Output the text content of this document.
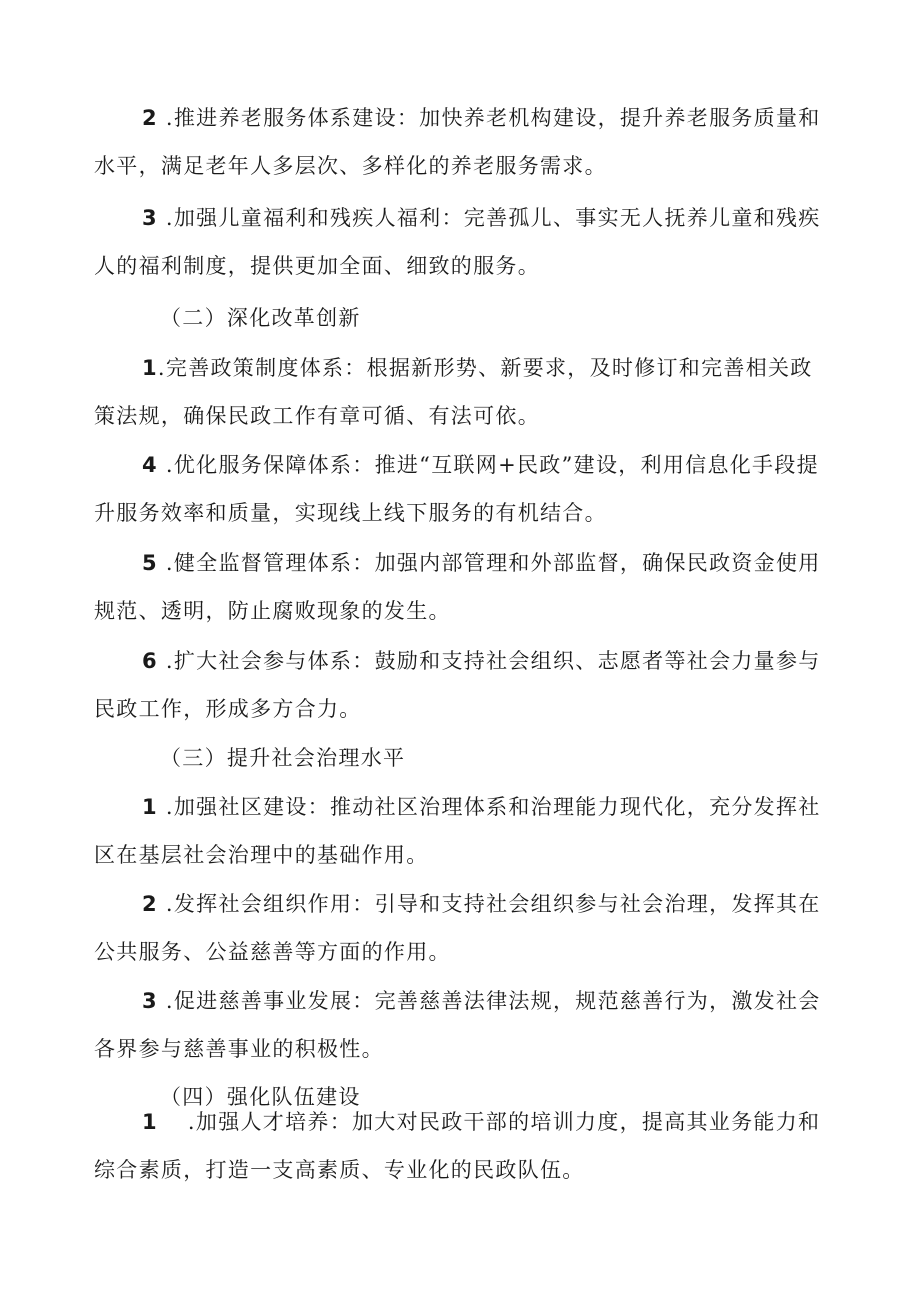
2 .推进养老服务体系建设：加快养老机构建设，提升养老服务质量和水平，满足老年人多层次、多样化的养老服务需求。

3 .加强儿童福利和残疾人福利：完善孤儿、事实无人抚养儿童和残疾人的福利制度，提供更加全面、细致的服务。

（二）深化改革创新

1.完善政策制度体系：根据新形势、新要求，及时修订和完善相关政策法规，确保民政工作有章可循、有法可依。

4 .优化服务保障体系：推进“互联网+民政”建设，利用信息化手段提升服务效率和质量，实现线上线下服务的有机结合。

5 .健全监督管理体系：加强内部管理和外部监督，确保民政资金使用规范、透明，防止腐败现象的发生。

6 .扩大社会参与体系：鼓励和支持社会组织、志愿者等社会力量参与民政工作，形成多方合力。

（三）提升社会治理水平

1 .加强社区建设：推动社区治理体系和治理能力现代化，充分发挥社区在基层社会治理中的基础作用。

2 .发挥社会组织作用：引导和支持社会组织参与社会治理，发挥其在公共服务、公益慈善等方面的作用。

3 .促进慈善事业发展：完善慈善法律法规，规范慈善行为，激发社会各界参与慈善事业的积极性。

（四）强化队伍建设

1 .加强人才培养：加大对民政干部的培训力度，提高其业务能力和综合素质，打造一支高素质、专业化的民政队伍。
